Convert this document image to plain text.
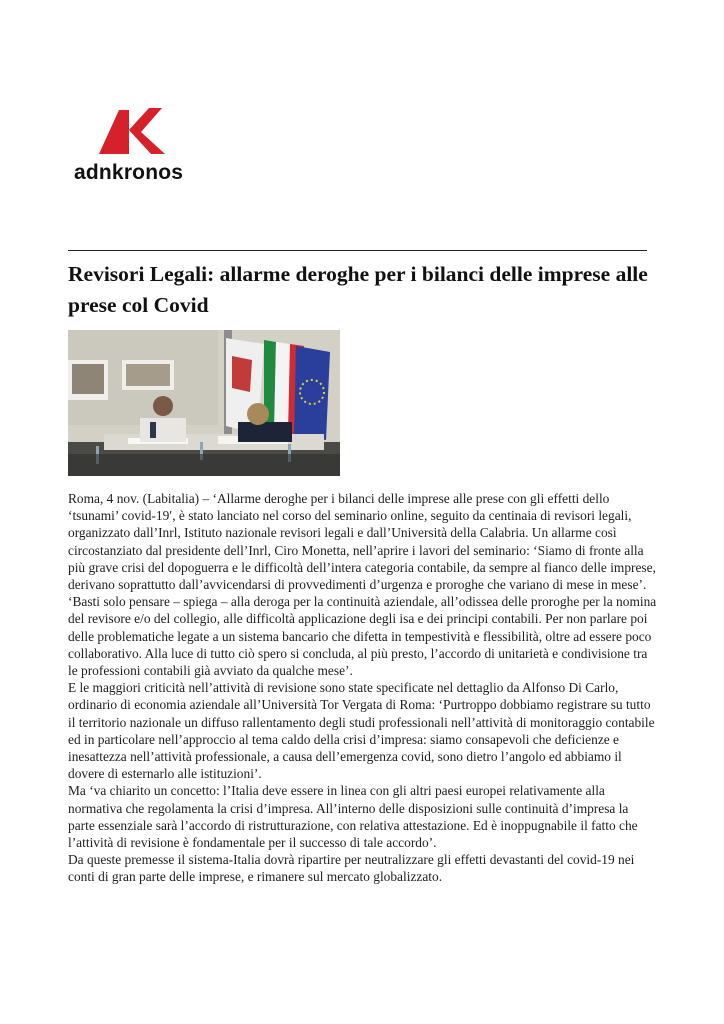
adnkronos
Revisori Legali: allarme deroghe per i bilanci delle imprese alle prese col Covid

Roma, 4 nov. (Labitalia) – ‘Allarme deroghe per i bilanci delle imprese alle prese con gli effetti dello ‘tsunami’ covid-19′, è stato lanciato nel corso del seminario online, seguito da centinaia di revisori legali, organizzato dall’Inrl, Istituto nazionale revisori legali e dall’Università della Calabria. Un allarme così circostanziato dal presidente dell’Inrl, Ciro Monetta, nell’aprire i lavori del seminario: ‘Siamo di fronte alla più grave crisi del dopoguerra e le difficoltà dell’intera categoria contabile, da sempre al fianco delle imprese, derivano soprattutto dall’avvicendarsi di provvedimenti d’urgenza e proroghe che variano di mese in mese’.

‘Basti solo pensare – spiega – alla deroga per la continuità aziendale, all’odissea delle proroghe per la nomina del revisore e/o del collegio, alle difficoltà applicazione degli isa e dei principi contabili. Per non parlare poi delle problematiche legate a un sistema bancario che difetta in tempestività e flessibilità, oltre ad essere poco collaborativo. Alla luce di tutto ciò spero si concluda, al più presto, l’accordo di unitarietà e condivisione tra le professioni contabili già avviato da qualche mese’.

E le maggiori criticità nell’attività di revisione sono state specificate nel dettaglio da Alfonso Di Carlo, ordinario di economia aziendale all’Università Tor Vergata di Roma: ‘Purtroppo dobbiamo registrare su tutto il territorio nazionale un diffuso rallentamento degli studi professionali nell’attività di monitoraggio contabile ed in particolare nell’approccio al tema caldo della crisi d’impresa: siamo consapevoli che deficienze e inesattezza nell’attività professionale, a causa dell’emergenza covid, sono dietro l’angolo ed abbiamo il dovere di esternarlo alle istituzioni’.

Ma ‘va chiarito un concetto: l’Italia deve essere in linea con gli altri paesi europei relativamente alla normativa che regolamenta la crisi d’impresa. All’interno delle disposizioni sulle continuità d’impresa la parte essenziale sarà l’accordo di ristrutturazione, con relativa attestazione. Ed è inoppugnabile il fatto che l’attività di revisione è fondamentale per il successo di tale accordo’.

Da queste premesse il sistema-Italia dovrà ripartire per neutralizzare gli effetti devastanti del covid-19 nei conti di gran parte delle imprese, e rimanere sul mercato globalizzato.
